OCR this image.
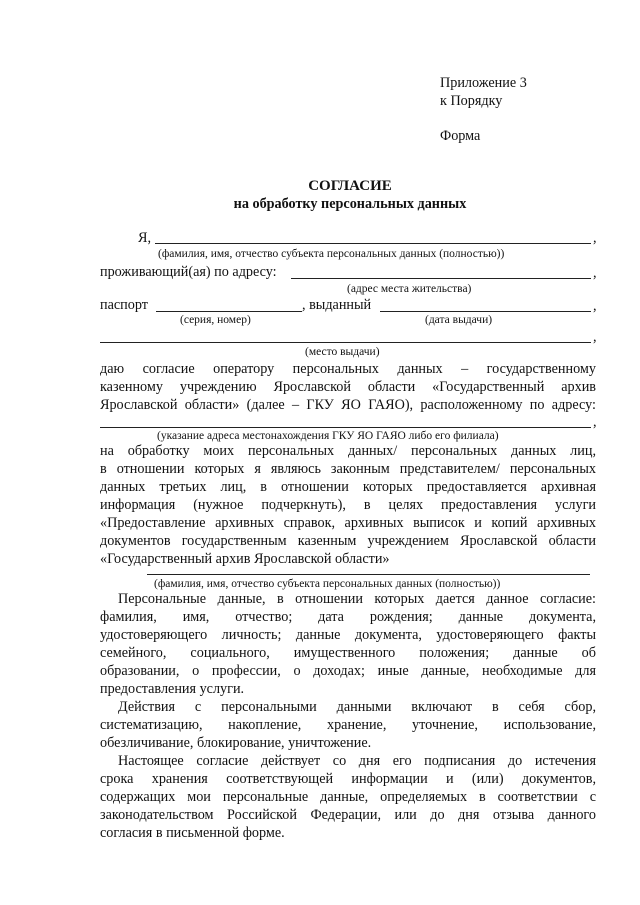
Приложение 3
к Порядку
Форма
СОГЛАСИЕ
на обработку персональных данных
Я,	,
(фамилия, имя, отчество субъекта персональных данных (полностью))
проживающий(ая) по адресу:	,
(адрес места жительства)
паспорт	, выданный	,
(серия, номер)	(дата выдачи)
,
(место выдачи)
даю согласие оператору персональных данных – государственному
казенному учреждению Ярославской области «Государственный архив
Ярославской области» (далее – ГКУ ЯО ГАЯО), расположенному по адресу:
,
(указание адреса местонахождения ГКУ ЯО ГАЯО либо его филиала)
на обработку моих персональных данных/ персональных данных лиц,
в отношении которых я являюсь законным представителем/ персональных
данных третьих лиц, в отношении которых предоставляется архивная
информация (нужное подчеркнуть), в целях предоставления услуги
«Предоставление архивных справок, архивных выписок и копий архивных
документов государственным казенным учреждением Ярославской области
«Государственный архив Ярославской области»
(фамилия, имя, отчество субъекта персональных данных (полностью))
Персональные данные, в отношении которых дается данное согласие:
фамилия, имя, отчество; дата рождения; данные документа,
удостоверяющего личность; данные документа, удостоверяющего факты
семейного, социального, имущественного положения; данные об
образовании, о профессии, о доходах; иные данные, необходимые для
предоставления услуги.
Действия с персональными данными включают в себя сбор,
систематизацию, накопление, хранение, уточнение, использование,
обезличивание, блокирование, уничтожение.
Настоящее согласие действует со дня его подписания до истечения
срока хранения соответствующей информации и (или) документов,
содержащих мои персональные данные, определяемых в соответствии с
законодательством Российской Федерации, или до дня отзыва данного
согласия в письменной форме.
